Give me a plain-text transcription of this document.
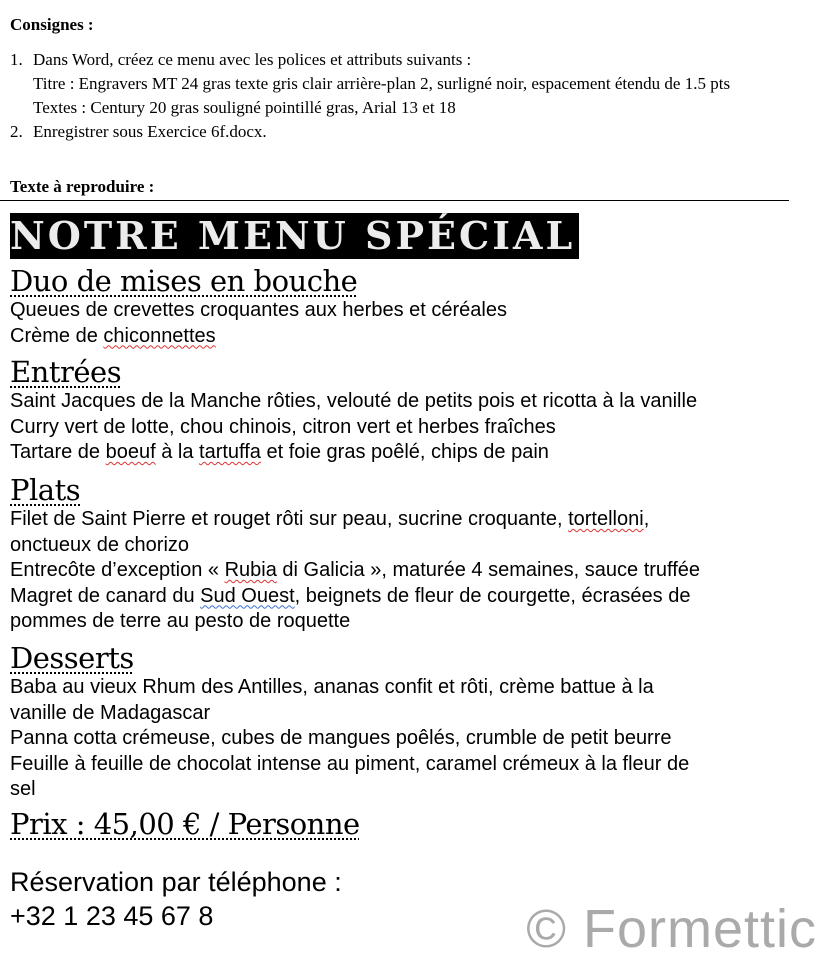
Consignes :
1. Dans Word, créez ce menu avec les polices et attributs suivants :
Titre : Engravers MT 24 gras texte gris clair arrière-plan 2, surligné noir, espacement étendu de 1.5 pts
Textes : Century 20 gras souligné pointillé gras, Arial 13 et 18
2. Enregistrer sous Exercice 6f.docx.
Texte à reproduire :
NOTRE MENU SPÉCIAL
Duo de mises en bouche
Queues de crevettes croquantes aux herbes et céréales
Crème de chiconnettes
Entrées
Saint Jacques de la Manche rôties, velouté de petits pois et ricotta à la vanille
Curry vert de lotte, chou chinois, citron vert et herbes fraîches
Tartare de boeuf à la tartuffa et foie gras poêlé, chips de pain
Plats
Filet de Saint Pierre et rouget rôti sur peau, sucrine croquante, tortelloni,
onctueux de chorizo
Entrecôte d’exception « Rubia di Galicia », maturée 4 semaines, sauce truffée
Magret de canard du Sud Ouest, beignets de fleur de courgette, écrasées de
pommes de terre au pesto de roquette
Desserts
Baba au vieux Rhum des Antilles, ananas confit et rôti, crème battue à la
vanille de Madagascar
Panna cotta crémeuse, cubes de mangues poêlés, crumble de petit beurre
Feuille à feuille de chocolat intense au piment, caramel crémeux à la fleur de
sel
Prix : 45,00 € / Personne
Réservation par téléphone :
+32 1 23 45 67 8	© Formettic
